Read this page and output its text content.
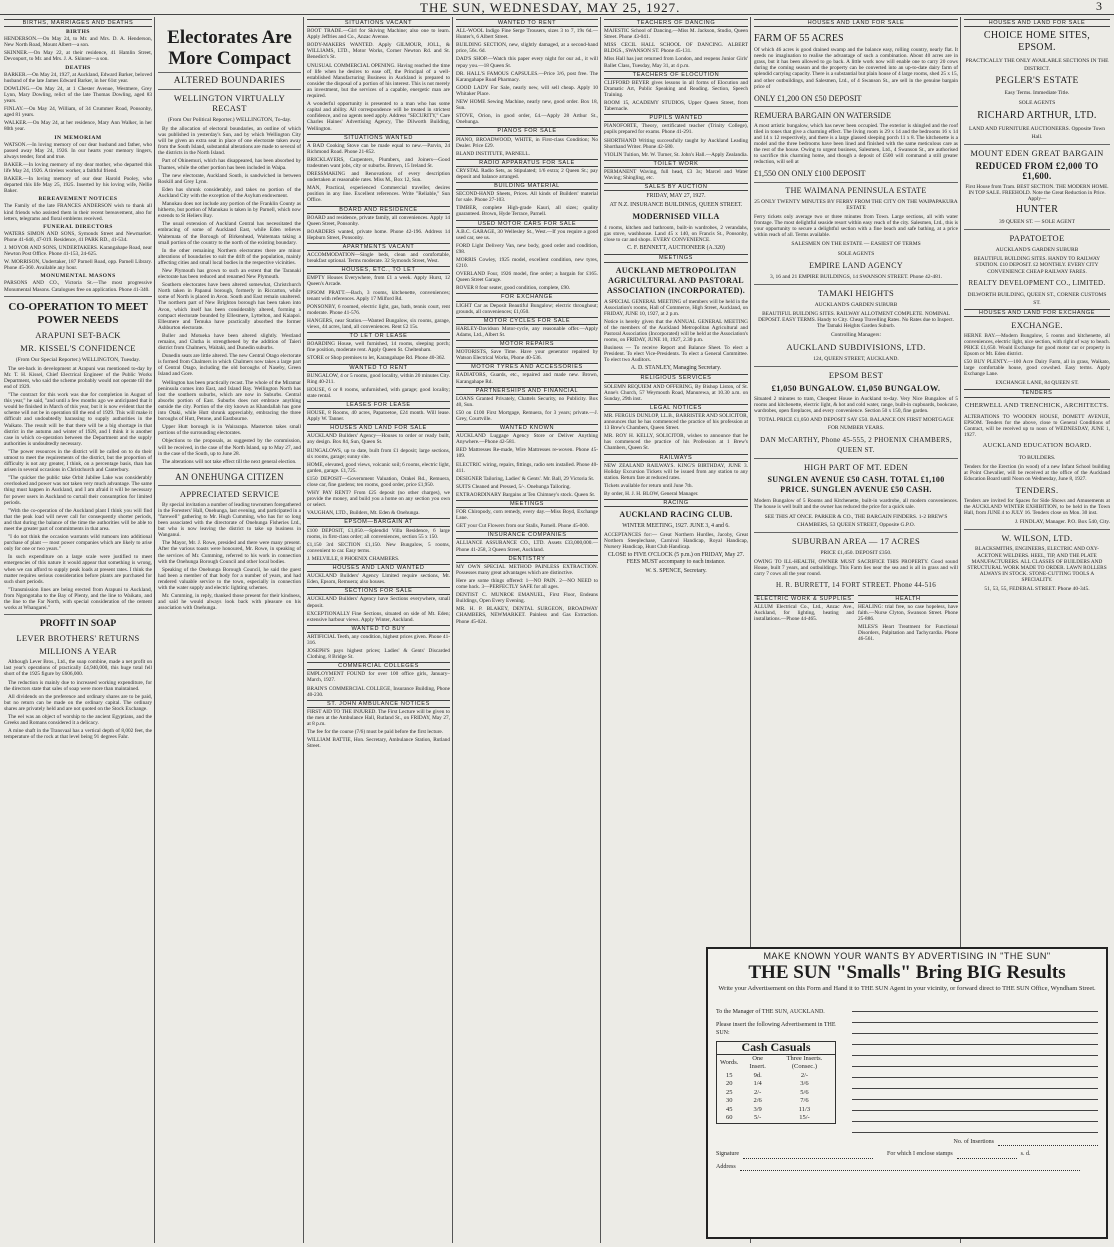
THE SUN, WEDNESDAY, MAY 25, 1927.	3
BIRTHS, MARRIAGES AND DEATHS
BIRTHS
HENDERSON.—On May 24, to Mr. and Mrs. D. A. Henderson, New North Road, Mount Albert—a son.
SKINNER.—On May 22, at their residence, 41 Hamlin Street, Devonport, to Mr. and Mrs. J. A. Skinner—a son.
DEATHS
BARKER.—On May 24, 1927, at Auckland, Edward Barker, beloved husband of the late James Edward Barker, in her 61st year.
DOWLING.—On May 24, at 1 Chester Avenue, Westmere, Grey Lynn, Mary Dowling, relict of the late Thomas Dowling, aged 83 years.
FINLAY.—On May 24, William, of 34 Crummer Road, Ponsonby, aged 81 years.
WALKER.—On May 24, at her residence, Mary Ann Walker, in her 80th year.
IN MEMORIAM
WATSON.—In loving memory of our dear husband and father, who passed away May 24, 1926. In our hearts your memory lingers, always tender, fond and true.
BAKER.—In loving memory of my dear mother, who departed this life May 24, 1926. A tireless worker, a faithful friend.
BAKER.—In loving memory of our dear Harold Pooley, who departed this life May 25, 1925. Inserted by his loving wife, Nellie Baker.
BEREAVEMENT NOTICES
The Family of the late FRANCES ANDERSON wish to thank all kind friends who assisted them in their recent bereavement, also for letters, telegrams and floral emblems received.
FUNERAL DIRECTORS
WATERS SIMON AND SONS, Symonds Street and Newmarket. Phone 41-646, 47-019. Residence, 41 PARK RD., 41-534.
J. MOYOR AND SONS, UNDERTAKERS. Karangahape Road, near Newton Post Office. Phone 41-153, 24-625.
W. MORRISON, Undertaker, 187 Parnell Road, opp. Parnell Library. Phone 45-360. Available any hour.
MONUMENTAL MASONS
PARSONS AND CO., Victoria St.—The most progressive Monumental Masons. Catalogues free on application. Phone 41-340.
CO-OPERATION TO MEET POWER NEEDS
ARAPUNI SET-BACK
MR. KISSEL'S CONFIDENCE
(From Our Special Reporter.) WELLINGTON, Tuesday.
The set-back in development at Arapuni was mentioned to-day by Mr. T. H. Kissel, Chief Electrical Engineer of the Public Works Department, who said the scheme probably would not operate till the end of 1929.
"The contract for this work was due for completion in August of this year," he said, "and until a few months ago we anticipated that it would be finished in March of this year, but it is now evident that the scheme will not be in operation till the end of 1929. This will make it difficult and undoubtedly harassing to supply authorities in the Waikato. The result will be that there will be a big shortage in that district in the autumn and winter of 1928, and I think it is another case in which co-operation between the Department and the supply authorities is undoubtedly necessary.
"The power resources in the district will be called on to do their utmost to meet the requirements of the district, but the proportion of difficulty is not any greater, I think, on a percentage basis, than has arisen in several occasions in Christchurch and Canterbury.
"The quicker the public take Orbit Jubilee Lake was considerably overlooked and power was not taken very much advantage. The same thing must happen in Auckland, and I am afraid it will be necessary for power users in Auckland to curtail their consumption for limited periods.
"With the co-operation of the Auckland plant I think you will find that the peak load will never call for consequently shorter periods, and that during the balance of the time the authorities will be able to meet the greater part of commitments in that area.
"I do not think the occasion warrants wild rumours into additional purchase of plant — most power companies which are likely to arise only for one or two years."
In such expenditure on a large scale were justified to meet emergencies of this nature it would appear that something is wrong, when we can afford to supply peak loads at present rates. I think the matter requires serious consideration before plants are purchased for such short periods.
"Transmission lines are being erected from Arapuni to Auckland, from Ngongotaha to the Bay of Plenty, and the line to Waikato, and the line to the Far North, with special consideration of the cement works at Whangarei."
PROFIT IN SOAP
LEVER BROTHERS' RETURNS
MILLIONS A YEAR
Although Lever Bros., Ltd., the soap combine, made a net profit on last year's operations of practically £4,940,000, this huge total fell short of the 1925 figure by £606,000.
The reduction is mainly due to increased working expenditure, for the directors state that sales of soap were more than maintained.
All dividends on the preference and ordinary shares are to be paid, but no return can be made on the ordinary capital. The ordinary shares are privately held and are not quoted on the Stock Exchange.
The eel was an object of worship to the ancient Egyptians, and the Greeks and Romans considered it a delicacy.
A mine shaft in the Transvaal has a vertical depth of 8,002 feet, the temperature of the rock at that level being 91 degrees Fahr.
Electorates Are More Compact
ALTERED BOUNDARIES
WELLINGTON VIRTUALLY RECAST
(From Our Political Reporter.) WELLINGTON, To-day.
By the allocation of electoral boundaries, an outline of which was published in yesterday's Sun, and by which Wellington City will be given an extra seat in place of one electorate taken away from the South Island, substantial alterations are made to several of the districts in the North Island.
Part of Ohinemuri, which has disappeared, has been absorbed by Thames, while the other portion has been included in Waipa.
The new electorate, Auckland South, is sandwiched in between Roskill and Grey Lynn.
Eden has shrunk considerably, and takes no portion of the Auckland City with the exception of the Asylum endowment.
Manukau does not include any portion of the Franklin County as hitherto, but portion of Manukau is taken in by Parnell, which now extends to St Heliers Bay.
The usual extension of Auckland Central has necessitated the embracing of some of Auckland East, while Eden relieves Waitemata of the Borough of Birkenhead, Waitemata taking a small portion of the country to the north of the existing boundary.
In the other remaining Northern electorates there are minor alterations of boundaries to suit the drift of the population, mainly affecting cities and small local bodies in the respective vicinities.
New Plymouth has grown to such an extent that the Taranaki electorate has been reduced and renamed New Plymouth.
Southern electorates have been altered somewhat, Christchurch North taken in Papanui borough, formerly in Riccarton, while some of North is placed in Avon. South and East remain unaltered. The northern part of New Brighton borough has been taken into Avon, which itself has been considerably altered, forming a compact electorate bounded by Ellesmere, Lyttelton, and Kaiapoi. Ellesmere and Temuka have practically absorbed the former Ashburton electorate.
Buller and Motueka have been altered slightly. Westland remains, and Clutha is strengthened by the addition of Taieri district from Chalmers, Waitaki, and Dunedin suburbs.
Dunedin seats are little altered. The new Central Otago electorate is formed from Chalmers in which Chalmers now takes a large part of Central Otago, including the old boroughs of Naseby, Green Island and Gore.
Wellington has been practically recast. The whole of the Miramar peninsula comes into East, and Island Bay. Wellington North has lost the southern suburbs, which are now in Suburbs. Central absorbs portion of East. Suburbs does not embrace anything outside the city. Portion of the city known as Khandallah has gone into Otaki, while Hutt shrunk appreciably, embracing the three boroughs of Hutt, Petone, and Eastbourne.
Upper Hutt borough is in Wairarapa. Masterton takes small portions of the surrounding electorates.
Objections to the proposals, as suggested by the commission, will be received, in the case of the North Island, up to May 27, and in the case of the South, up to June 28.
The alterations will not take effect till the next general election.
AN ONEHUNGA CITIZEN
APPRECIATED SERVICE
By special invitation a number of leading townsmen foregathered in the Foresters' Hall, Onehunga, last evening, and participated in a "farewell" gathering to Mr. Hugh Cumming, who has for so long been associated with the directorate of Onehunga Fisheries Ltd., but who is now leaving the district to take up business in Wanganui.
The Mayor, Mr. J. Rowe, presided and there were many present. After the various toasts were honoured, Mr. Rowe, in speaking of the services of Mr. Cumming, referred to his work in connection with the Onehunga Borough Council and other local bodies.
Speaking of the Onehunga Borough Council, he said the guest had been a member of that body for a number of years, and had rendered valuable service to the town, especially in connection with the water supply and electric lighting schemes.
Mr. Cumming, in reply, thanked those present for their kindness, and said he would always look back with pleasure on his association with Onehunga.
SITUATIONS VACANT
BOOT TRADE.—Girl for Skiving Machine; also one to learn. Apply Jeffries and Co., Anzac Avenue.
BODY-MAKERS WANTED. Apply GILMOUR, JOLL, & WILLIAMS, LTD., Motor Works, Corner Newton Rd. and St. Benedict's St.
UNUSUAL COMMERCIAL OPENING. Having reached the time of life when he desires to ease off, the Principal of a well-established Manufacturing Business in Auckland is prepared to consider the disposal of a portion of his interest. This is not merely an investment, but the services of a capable, energetic man are required.
A wonderful opportunity is presented to a man who has some capital and ability. All correspondence will be treated in strictest confidence, and no agents need apply. Address "SECURITY," Care Charles Haines' Advertising Agency, The Dilworth Building, Wellington.
SITUATIONS WANTED
A BAD Cooking Stove can be made equal to new.—Parvin, 24 Richmond Road. Phone 21-852.
BRICKLAYERS, Carpenters, Plumbers, and Joiners—Good tradesmen want jobs, city or suburbs. Brown, 15 Ireland St.
DRESSMAKING and Renovations of every description undertaken at reasonable rates. Miss M., Box 12, Sun.
MAN, Practical, experienced Commercial traveller, desires position in any line. Excellent references. Write "Reliable," Sun Office.
BOARD AND RESIDENCE
BOARD and residence, private family, all conveniences. Apply 14 Queen Street, Ponsonby.
BOARDERS wanted, private home. Phone 42-196. Address 14 Hepburn Street, Ponsonby.
APARTMENTS VACANT
ACCOMMODATION—Single beds, clean and comfortable, breakfast optional. Terms moderate. 32 Symonds Street, West.
HOUSES, ETC., TO LET
EMPTY Houses Everywhere, from £1 a week. Apply Hurst, 12 Queen's Arcade.
EPSOM PRATT.—Bach, 3 rooms, kitchenette, conveniences; tenant with references. Apply 17 Milford Rd.
PONSONBY, 6 roomed, electric light, gas, bath, tennis court, rent moderate. Phone 41-576.
HANGERS, near Station.—Wanted Bungalow, six rooms, garage, views, 44 acres, land, all conveniences. Rent £2 15s.
TO LET OR LEASE
BOARDING House, well furnished, 14 rooms, sleeping porch; fine position, moderate rent. Apply Queen St. Cheltenham.
STORE or Shop premises to let, Karangahape Rd. Phone 40-362.
WANTED TO RENT
BUNGALOW, 4 or 5 rooms, good locality, within 20 minutes City. Ring 40-211.
HOUSE, 6 or 8 rooms, unfurnished, with garage; good locality; state rental.
LEASES FOR LEASE
HOUSE, 8 Rooms, 40 acres, Papatoetoe, £24 month. Will lease. Apply W. Tanner.
HOUSES AND LAND FOR SALE
AUCKLAND Builders' Agency—Houses to order or ready built, any design. Box 84, Sun, Queen St.
BUNGALOWS, up to date, built from £1 deposit; large sections, six rooms, garage; sunny site.
HOME, elevated, good views, volcanic soil; 6 rooms, electric light, garden, garage. £1,725.
£150 DEPOSIT—Government Valuation, Orakei Rd., Remuera, close car, fine gardens; ten rooms, good order, price £1,950.
WHY PAY RENT? From £25 deposit (no other charges), we provide the money, and build you a home on any section you own or select.
VAUGHAN, LTD., Builders, Mt. Eden & Onehunga.
EPSOM—BARGAIN AT
£100 DEPOSIT, £1,050.—Splendid Villa Residence, 6 large rooms, in first-class order; all conveniences, section 55 x 150.
£1,150 3rd SECTION £1,150. New Bungalow, 5 rooms, convenient to car. Easy terms.
J. MELVILLE, 8 PHOENIX CHAMBERS.
HOUSES AND LAND WANTED
AUCKLAND Builders' Agency Limited require sections, Mt. Eden, Epsom, Remuera; also houses.
SECTIONS FOR SALE
AUCKLAND Builders' Agency have Sections everywhere, small deposit.
EXCEPTIONALLY Fine Sections, situated on side of Mt. Eden; extensive harbour views. Apply Winter, Auckland.
WANTED TO BUY
ARTIFICIAL Teeth, any condition, highest prices given. Phone 41-316.
JOSEPH'S pays highest prices; Ladies' & Gents' Discarded Clothing. 8 Bridge St.
COMMERCIAL COLLEGES
EMPLOYMENT FOUND for over 100 office girls, January–March, 1927.
BRAIN'S COMMERCIAL COLLEGE, Insurance Building, Phone 40-230.
ST. JOHN AMBULANCE NOTICES
FIRST AID TO THE INJURED. The First Lecture will be given to the men at the Ambulance Hall, Rutland St., on FRIDAY, May 27, at 8 p.m.
The fee for the course (7/6) must be paid before the first lecture.
WILLIAM BATTIE, Hon. Secretary, Ambulance Station, Rutland Street.
WANTED TO RENT
ALL-WOOL Indigo Fine Serge Trousers, sizes 3 to 7, 19s 6d.—Hunter's, 6 Albert Street.
BUILDING SECTION, new, slightly damaged, at a second-hand price, 56s. 6d.
DAD'S SHOP.—Watch this paper every night for our ad., it will repay you.—18 Queen St.
DR. HALL'S FAMOUS CAPSULES.—Price 3/6, post free. The Karangahape Road Pharmacy.
GOOD LADY For Sale, nearly new, will sell cheap. Apply 10 Whitaker Place.
NEW HOME Sewing Machine, nearly new, good order. Box 18, Sun.
STOVE, Orion, in good order, £4.—Apply 28 Arthur St., Onehunga.
PIANOS FOR SALE
PIANO, BROADWOOD, WHITE, in First-class Condition; No Dealer. Price £29.
BLAND INSTITUTE, PARNELL.
RADIO APPARATUS FOR SALE
CRYSTAL Radio Sets, as Stipulated; 1/6 extra; 2 Queen St.; pay deposit and balance arranged.
BUILDING MATERIAL
SECOND-HAND Sheets, Prices. All kinds of Builders' material for sale. Phone 27-103.
TIMBER, complete High-grade Kauri, all sizes; quality guaranteed. Brown, Hyde Terrace, Parnell.
USED MOTOR CARS FOR SALE
A.B.C. GARAGE, 30 Wellesley St., West.—If you require a good used car, see us.
FORD Light Delivery Van, new body, good order and condition, £98.
MORRIS Cowley, 1925 model, excellent condition, new tyres, £210.
OVERLAND Four, 1926 model, fine order; a bargain for £165. Queen Street Garage.
ROVER 8 four seater, good condition, complete, £90.
FOR EXCHANGE
LIGHT Car as Deposit Beautiful Bungalow; electric throughout; grounds, all conveniences; £1,050.
MOTOR CYCLES FOR SALE
HARLEY-Davidson Motor-cycle, any reasonable offer.—Apply Adams, Ltd., Albert St.
MOTOR REPAIRS
MOTORISTS, Save Time. Have your generator repaired by Watson Electrical Works, Phone 40-536.
MOTOR TYRES AND ACCESSORIES
RADIATORS, Guards, etc., repaired and made new. Brown, Karangahape Rd.
PARTNERSHIPS AND FINANCIAL
LOANS Granted Privately, Chattels Security, no Publicity. Box 40, Sun.
£50 on £100 First Mortgage, Remuera, for 3 years; private.—J. Grey, Courtville.
WANTED KNOWN
AUCKLAND Luggage Agency Store or Deliver Anything Anywhere.—Phone 42-581.
BED Mattresses Re-made, Wire Mattresses re-woven. Phone 45-109.
ELECTRIC wiring, repairs, fittings, radio sets installed. Phone 40-411.
DESIGNER Tailoring, Ladies' & Gents'. Mr. Ball, 29 Victoria St.
SUITS Cleaned and Pressed, 5/-. Onehunga Tailoring.
EXTRAORDINARY Bargains at Ten Chimney's stock. Queen St.
MEETINGS
FOR Chiropody, corn remedy, every day.—Miss Boyd, Exchange Lane.
GET your Cut Flowers from our Stalls, Parnell. Phone 45-000.
INSURANCE COMPANIES
ALLIANCE ASSURANCE CO., LTD. Assets £33,000,000.—Phone 41-258, 3 Queen Street, Auckland.
DENTISTRY
MY OWN SPECIAL METHOD PAINLESS EXTRACTION. Possesses many great advantages which are distinctive.
Here are some things offered: 1—NO PAIN. 2—NO NEED to come back. 3—PERFECTLY SAFE for all ages.
DENTIST C. MUNROE EMANUEL, First Floor, Endeans Buildings, Open Every Evening.
MR. H. P. BLAKEY, DENTAL SURGEON, BROADWAY CHAMBERS, NEWMARKET. Painless and Gas Extraction. Phone 45-024.
TEACHERS OF DANCING
MAJESTIC School of Dancing.—Miss M. Jackson, Studio, Queen Street. Phone 43-041.
MISS CECIL HALL SCHOOL OF DANCING. ALBERT BLDGS., SWANSON ST. Phone 45-131.
Miss Hall has just returned from London, and reopens Junior Girls' Ballet Class, Tuesday, May 31, at 4 p.m.
TEACHERS OF ELOCUTION
CLIFFORD BEYER gives lessons in all forms of Elocution and Dramatic Art, Public Speaking and Reading. Section, Speech Training.
ROOM 15, ACADEMY STUDIOS, Upper Queen Street, from Tabernacle.
PUPILS WANTED
PIANOFORTE, Theory, certificated teacher (Trinity College), pupils prepared for exams. Phone 41-291.
SHORTHAND Writing successfully taught by Auckland Leading Shorthand Writer. Phone 42-580.
VIOLIN Tuition, Mr. W. Turner, St. John's Hall.—Apply Zealandia.
TOILET WORK
PERMANENT Waving, full head, £3 3s; Marcel and Water Waving; Shingling, etc.
SALES BY AUCTION
FRIDAY, MAY 27, 1927.
AT N.Z. INSURANCE BUILDINGS, QUEEN STREET.
MODERNISED VILLA
4 rooms, kitchen and bathroom, built-in wardrobes, 2 verandahs, gas stove, washhouse. Land 45 x 140, on Francis St., Ponsonby, close to car and shops. EVERY CONVENIENCE.
C. F. BENNETT, AUCTIONEER (A.320)
MEETINGS
AUCKLAND METROPOLITAN AGRICULTURAL AND PASTORAL ASSOCIATION (INCORPORATED).
A SPECIAL GENERAL MEETING of members will be held in the Association's rooms, Hall of Commerce, High Street, Auckland, on FRIDAY, JUNE 10, 1927, at 2 p.m.
Notice is hereby given that the ANNUAL GENERAL MEETING of the members of the Auckland Metropolitan Agricultural and Pastoral Association (Incorporated) will be held at the Association's rooms, on FRIDAY, JUNE 10, 1927, 2.30 p.m.
Business — To receive Report and Balance Sheet. To elect a President. To elect Vice-Presidents. To elect a General Committee. To elect two Auditors.
A. D. STANLEY, Managing Secretary.
RELIGIOUS SERVICES
SOLEMN REQUIEM AND OFFERING, By Bishop Liston, of St. Anne's Church, 57 Weymouth Road, Manurewa, at 10.30 a.m. on Sunday, 29th inst.
LEGAL NOTICES
MR. FERGUS DUNLOP, LL.B., BARRISTER AND SOLICITOR, announces that he has commenced the practice of his profession at 13 Brew's Chambers, Queen Street.
MR. ROY H. KELLY, SOLICITOR, wishes to announce that he has commenced the practice of his Profession at 1 Brew's Chambers, Queen St.
RAILWAYS
NEW ZEALAND RAILWAYS. KING'S BIRTHDAY, JUNE 3. Holiday Excursion Tickets will be issued from any station to any station. Return fare at reduced rates.
Tickets available for return until June 7th.
By order, H. J. H. BLOW, General Manager.
RACING
AUCKLAND RACING CLUB.
WINTER MEETING, 1927. JUNE 3, 4 and 6.
ACCEPTANCES for:— Great Northern Hurdles, Jacoby, Great Northern Steeplechase, Carnival Handicap, Royal Handicap, Nursery Handicap, Hunt Club Handicap.
CLOSE to FIVE O'CLOCK (5 p.m.) on FRIDAY, May 27. FEES MUST accompany to each instance.
W. S. SPENCE, Secretary.
HOUSES AND LAND FOR SALE
FARM OF 55 ACRES
Of which 46 acres is good drained swamp and the balance easy, rolling country, nearly flat. It needs no imagination to realise the advantage of such a combination. About 40 acres are in grass, but it has been allowed to go back. A little work now will enable one to carry 20 cows during the coming season and the property can be converted into an up-to-date dairy farm of splendid carrying capacity. There is a substantial but plain house of 4 large rooms, shed 25 x 15, and other outbuildings, and Salesmen, Ltd., of 4 Swanson St., are sell in the genuine bargain price of
ONLY £1,200 ON £50 DEPOSIT
REMUERA BARGAIN ON WATERSIDE
A most artistic bungalow, which has never been occupied. The exterior is shingled and the roof tiled in tones that give a charming effect. The living room is 29 x 14 and the bedrooms 16 x 14 and 14 x 12 respectively, and there is a large glassed sleeping porch 11 x 8. The kitchenette is a model and the three bedrooms have been lined and finished with the same meticulous care as the rest of the house. Owing to urgent business, Salesmen, Ltd., 4 Swanson St., are authorised to sacrifice this charming home, and though a deposit of £500 will command a still greater reduction, will sell at
£1,550 ON ONLY £100 DEPOSIT
THE WAIMANA PENINSULA ESTATE
25 ONLY TWENTY MINUTES BY FERRY FROM THE CITY ON THE WAIPAPAKURA ESTATE
Ferry tickets only average two or three minutes from Town. Large sections, all with water frontage. The most delightful seaside resort within easy reach of the city. Salesmen, Ltd., this is your opportunity to secure a delightful section with a fine beach and safe bathing, at a price within reach of all. Terms available.
SALESMEN ON THE ESTATE — EASIEST OF TERMS
SOLE AGENTS
EMPIRE LAND AGENCY
3, 16 and 21 EMPIRE BUILDINGS, 14 SWANSON STREET. Phone 42-481.
TAMAKI HEIGHTS
AUCKLAND'S GARDEN SUBURB
BEAUTIFUL BUILDING SITES. RAILWAY ALLOTMENT COMPLETE. NOMINAL DEPOSIT. EASY TERMS. Handy to City. Cheap Travelling Rates. No Rates due to Inspect. The Tamaki Heights Garden Suburb.
Controlling Managers:
AUCKLAND SUBDIVISIONS, LTD.
124, QUEEN STREET, AUCKLAND.
EPSOM BEST
£1,050 BUNGALOW. £1,050 BUNGALOW.
Situated 2 minutes to tram, Cheapest House in Auckland to-day. Very Nice Bungalow of 5 rooms and kitchenette, electric light, & hot and cold water, range, built-in cupboards, bookcase, wardrobes, open fireplaces, and every convenience. Section 50 x 150, fine garden.
TOTAL PRICE £1,050 AND DEPOSIT SAY £50. BALANCE ON FIRST MORTGAGE FOR NUMBER YEARS.
DAN McCARTHY, Phone 45-555, 2 PHOENIX CHAMBERS, QUEEN ST.
HIGH PART OF MT. EDEN
SUNGLEN AVENUE £50 CASH. TOTAL £1,100 PRICE. SUNGLEN AVENUE £50 CASH.
Modern Bungalow of 5 Rooms and Kitchenette, built-in wardrobe, all modern conveniences. The house is well built and the owner has reduced the price for a quick sale.
SEE THIS AT ONCE. PARKER & CO., THE BARGAIN FINDERS. 1-2 BREW'S CHAMBERS, 53 QUEEN STREET, Opposite G.P.O.
SUBURBAN AREA — 17 ACRES
PRICE £1,450. DEPOSIT £350.
OWING TO ILL-HEALTH, OWNER MUST SACRIFICE THIS PROPERTY. Good sound House, built 7 years, and outbuildings. This Farm lies near the sea and is all in grass and will carry 7 cows all the year round.
H. R. BURRETT, 14 FORT STREET. Phone 44-516
ELECTRIC WORK & SUPPLIES
ALLUM Electrical Co., Ltd., Anzac Ave., Auckland, for lighting, heating and installations.—Phone 44-465.
HEALTH
HEALING: trial free, no case hopeless, have faith.—Nurse Clyton, Swanson Street. Phone 25-886.
MILES'S Heart Treatment for Functional Disorders, Palpitation and Tachycardia. Phone 46-561.
HOUSES AND LAND FOR SALE
CHOICE HOME SITES, EPSOM.
PRACTICALLY THE ONLY AVAILABLE SECTIONS IN THE DISTRICT.
PEGLER'S ESTATE
Easy Terms. Immediate Title.
SOLE AGENTS
RICHARD ARTHUR, LTD.
LAND AND FURNITURE AUCTIONEERS. Opposite Town Hall.
MOUNT EDEN GREAT BARGAIN
REDUCED FROM £2,000 TO £1,600.
First House from Tram. BEST SECTION. THE MODERN HOME. IN TOP SALE. FREEHOLD. Note the Great Reduction in Price. Apply—
HUNTER
39 QUEEN ST. — SOLE AGENT
PAPATOETOE
AUCKLAND'S GARDEN SUBURB
BEAUTIFUL BUILDING SITES. HANDY TO RAILWAY STATION. £10 DEPOSIT. £2 MONTHLY. EVERY CITY CONVENIENCE CHEAP RAILWAY FARES.
REALTY DEVELOPMENT CO., LIMITED.
DILWORTH BUILDING, QUEEN ST., CORNER CUSTOMS ST.
HOUSES AND LAND FOR EXCHANGE
EXCHANGE.
HERNE BAY.—Modern Bungalow, 5 rooms and kitchenette, all conveniences, electric light, nice section, with right of way to beach. PRICE £1,650. Would Exchange for good motor car or property in Epsom or Mt. Eden district.
£50 BUY PLENTY.—100 Acre Dairy Farm, all in grass, Waikato, large comfortable house, good cowshed. Easy terms. Apply Exchange Lane.
EXCHANGE LANE, 84 QUEEN ST.
TENDERS
CHERWELL AND TRENCHICK, ARCHITECTS.
ALTERATIONS TO WOODEN HOUSE, DOMETT AVENUE, EPSOM. Tenders for the above, close to General Conditions of Contract, will be received up to noon of WEDNESDAY, JUNE 1, 1927.
AUCKLAND EDUCATION BOARD.
TO BUILDERS.
Tenders for the Erection (in wood) of a new Infant School building at Point Chevalier, will be received at the office of the Auckland Education Board until Noon on Wednesday, June 8, 1927.
TENDERS.
Tenders are invited for Spaces for Side Shows and Amusements at the AUCKLAND WINTER EXHIBITION, to be held in the Town Hall, from JUNE 4 to JULY 16. Tenders close on Mon. 30 inst.
J. FINDLAY, Manager. P.O. Box 540, City.
W. WILSON, LTD.
BLACKSMITHS, ENGINEERS, ELECTRIC AND OXY-ACETONE WELDERS. HEEL, TIP, AND THE PLATE MANUFACTURERS. ALL CLASSES OF BUILDERS AND STRUCTURAL WORK MADE TO ORDER. LAWN ROLLERS ALWAYS IN STOCK. STONE-CUTTING TOOLS A SPECIALITY.
51, 53, 55, FEDERAL STREET. Phone 40-345.
MAKE KNOWN YOUR WANTS BY ADVERTISING IN "THE SUN"
THE SUN "Smalls" Bring BIG Results
Write your Advertisement on this Form and Hand it to THE SUN Agent in your vicinity, or forward direct to THE SUN Office, Wyndham Street.
To the Manager of THE SUN, AUCKLAND.
Please insert the following Advertisement in THE SUN:
Cash Casuals
Words.	One Insert.	Three Inserts. (Consec.)
15	9d.	2/-
20	1/4	3/6
25	2/-	5/6
30	2/6	7/6
45	3/9	11/3
60	5/-	15/-
No. of Insertions
Signature	For which I enclose stamps	s. d.
Address
